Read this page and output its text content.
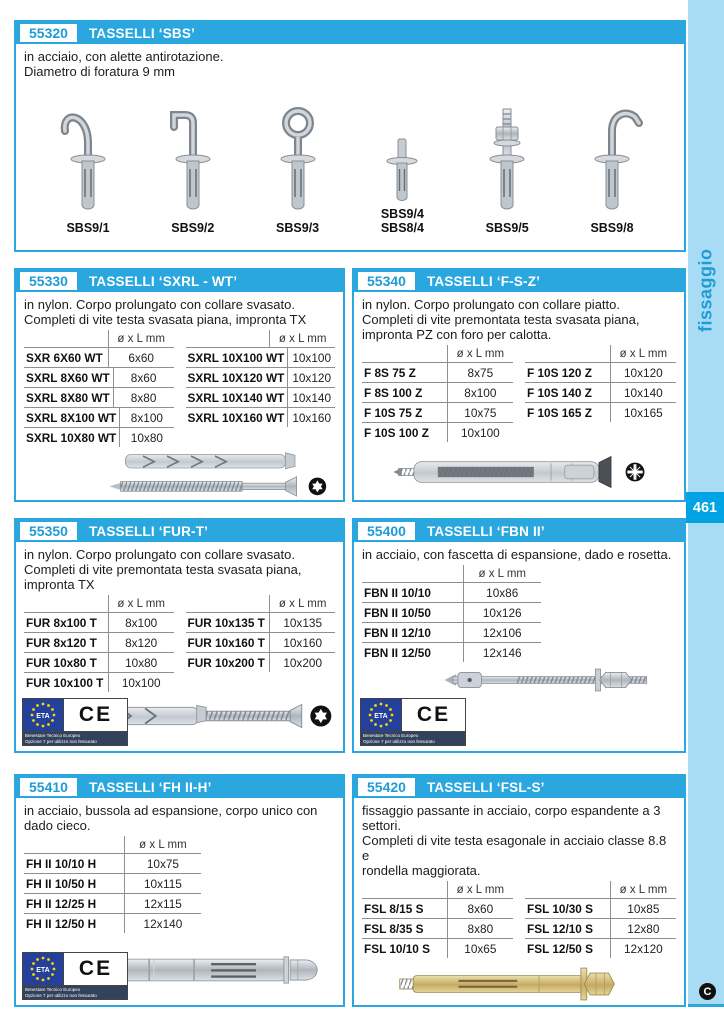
55320	TASSELLI ‘SBS’
in acciaio, con alette antirotazione.
Diametro di foratura 9 mm
SBS9/1	SBS9/2	SBS9/3
SBS9/4
SBS8/4	SBS9/5	SBS9/8
55330	TASSELLI ‘SXRL - WT’
in nylon. Corpo prolungato con collare svasato.
Completi di vite testa svasata piana, impronta TX
ø x L mm
SXR 6X60 WT	6x60
SXRL 8X60 WT	8x60
SXRL 8X80 WT	8x80
SXRL 8X100 WT	8x100
SXRL 10X80 WT	10x80
ø x L mm
SXRL 10X100 WT 10x100
SXRL 10X120 WT 10x120
SXRL 10X140 WT 10x140
SXRL 10X160 WT 10x160
55340	TASSELLI ‘F-S-Z’
in nylon. Corpo prolungato con collare piatto.
Completi di vite premontata testa svasata piana,
impronta PZ con foro per calotta.
ø x L mm
F 8S 75 Z	8x75
F 8S 100 Z	8x100
F 10S 75 Z	10x75
F 10S 100 Z	10x100
ø x L mm
F 10S 120 Z	10x120
F 10S 140 Z	10x140
F 10S 165 Z	10x165
55350	TASSELLI ‘FUR-T’
in nylon. Corpo prolungato con collare svasato.
Completi di vite premontata testa svasata piana,
impronta TX
ø x L mm
FUR 8x100 T	8x100
FUR 8x120 T	8x120
FUR 10x80 T	10x80
FUR 10x100 T	10x100
ø x L mm
FUR 10x135 T	10x135
FUR 10x160 T	10x160
FUR 10x200 T	10x200
ETA	CE
Benestare Tecnico Europeo
Opzione 7 per utilizzo non fessurato
55400	TASSELLI ‘FBN II’
in acciaio, con fascetta di espansione, dado e rosetta.
ø x L mm
FBN II 10/10	10x86
FBN II 10/50	10x126
FBN II 12/10	12x106
FBN II 12/50	12x146
ETA	CE
Benestare Tecnico Europeo
Opzione 7 per utilizzo non fessurato
55410	TASSELLI ‘FH II-H’
in acciaio, bussola ad espansione, corpo unico con
dado cieco.
ø x L mm
FH II 10/10 H	10x75
FH II 10/50 H	10x115
FH II 12/25 H	12x115
FH II 12/50 H	12x140
ETA	CE
Benestare Tecnico Europeo
Opzione 7 per utilizzo non fessurato
55420	TASSELLI ‘FSL-S’
fissaggio passante in acciaio, corpo espandente a 3
settori.
Completi di vite testa esagonale in acciaio classe 8.8 e
rondella maggiorata.
ø x L mm
FSL 8/15 S	8x60
FSL 8/35 S	8x80
FSL 10/10 S	10x65
ø x L mm
FSL 10/30 S	10x85
FSL 12/10 S	12x80
FSL 12/50 S	12x120
fissaggio
461
C
